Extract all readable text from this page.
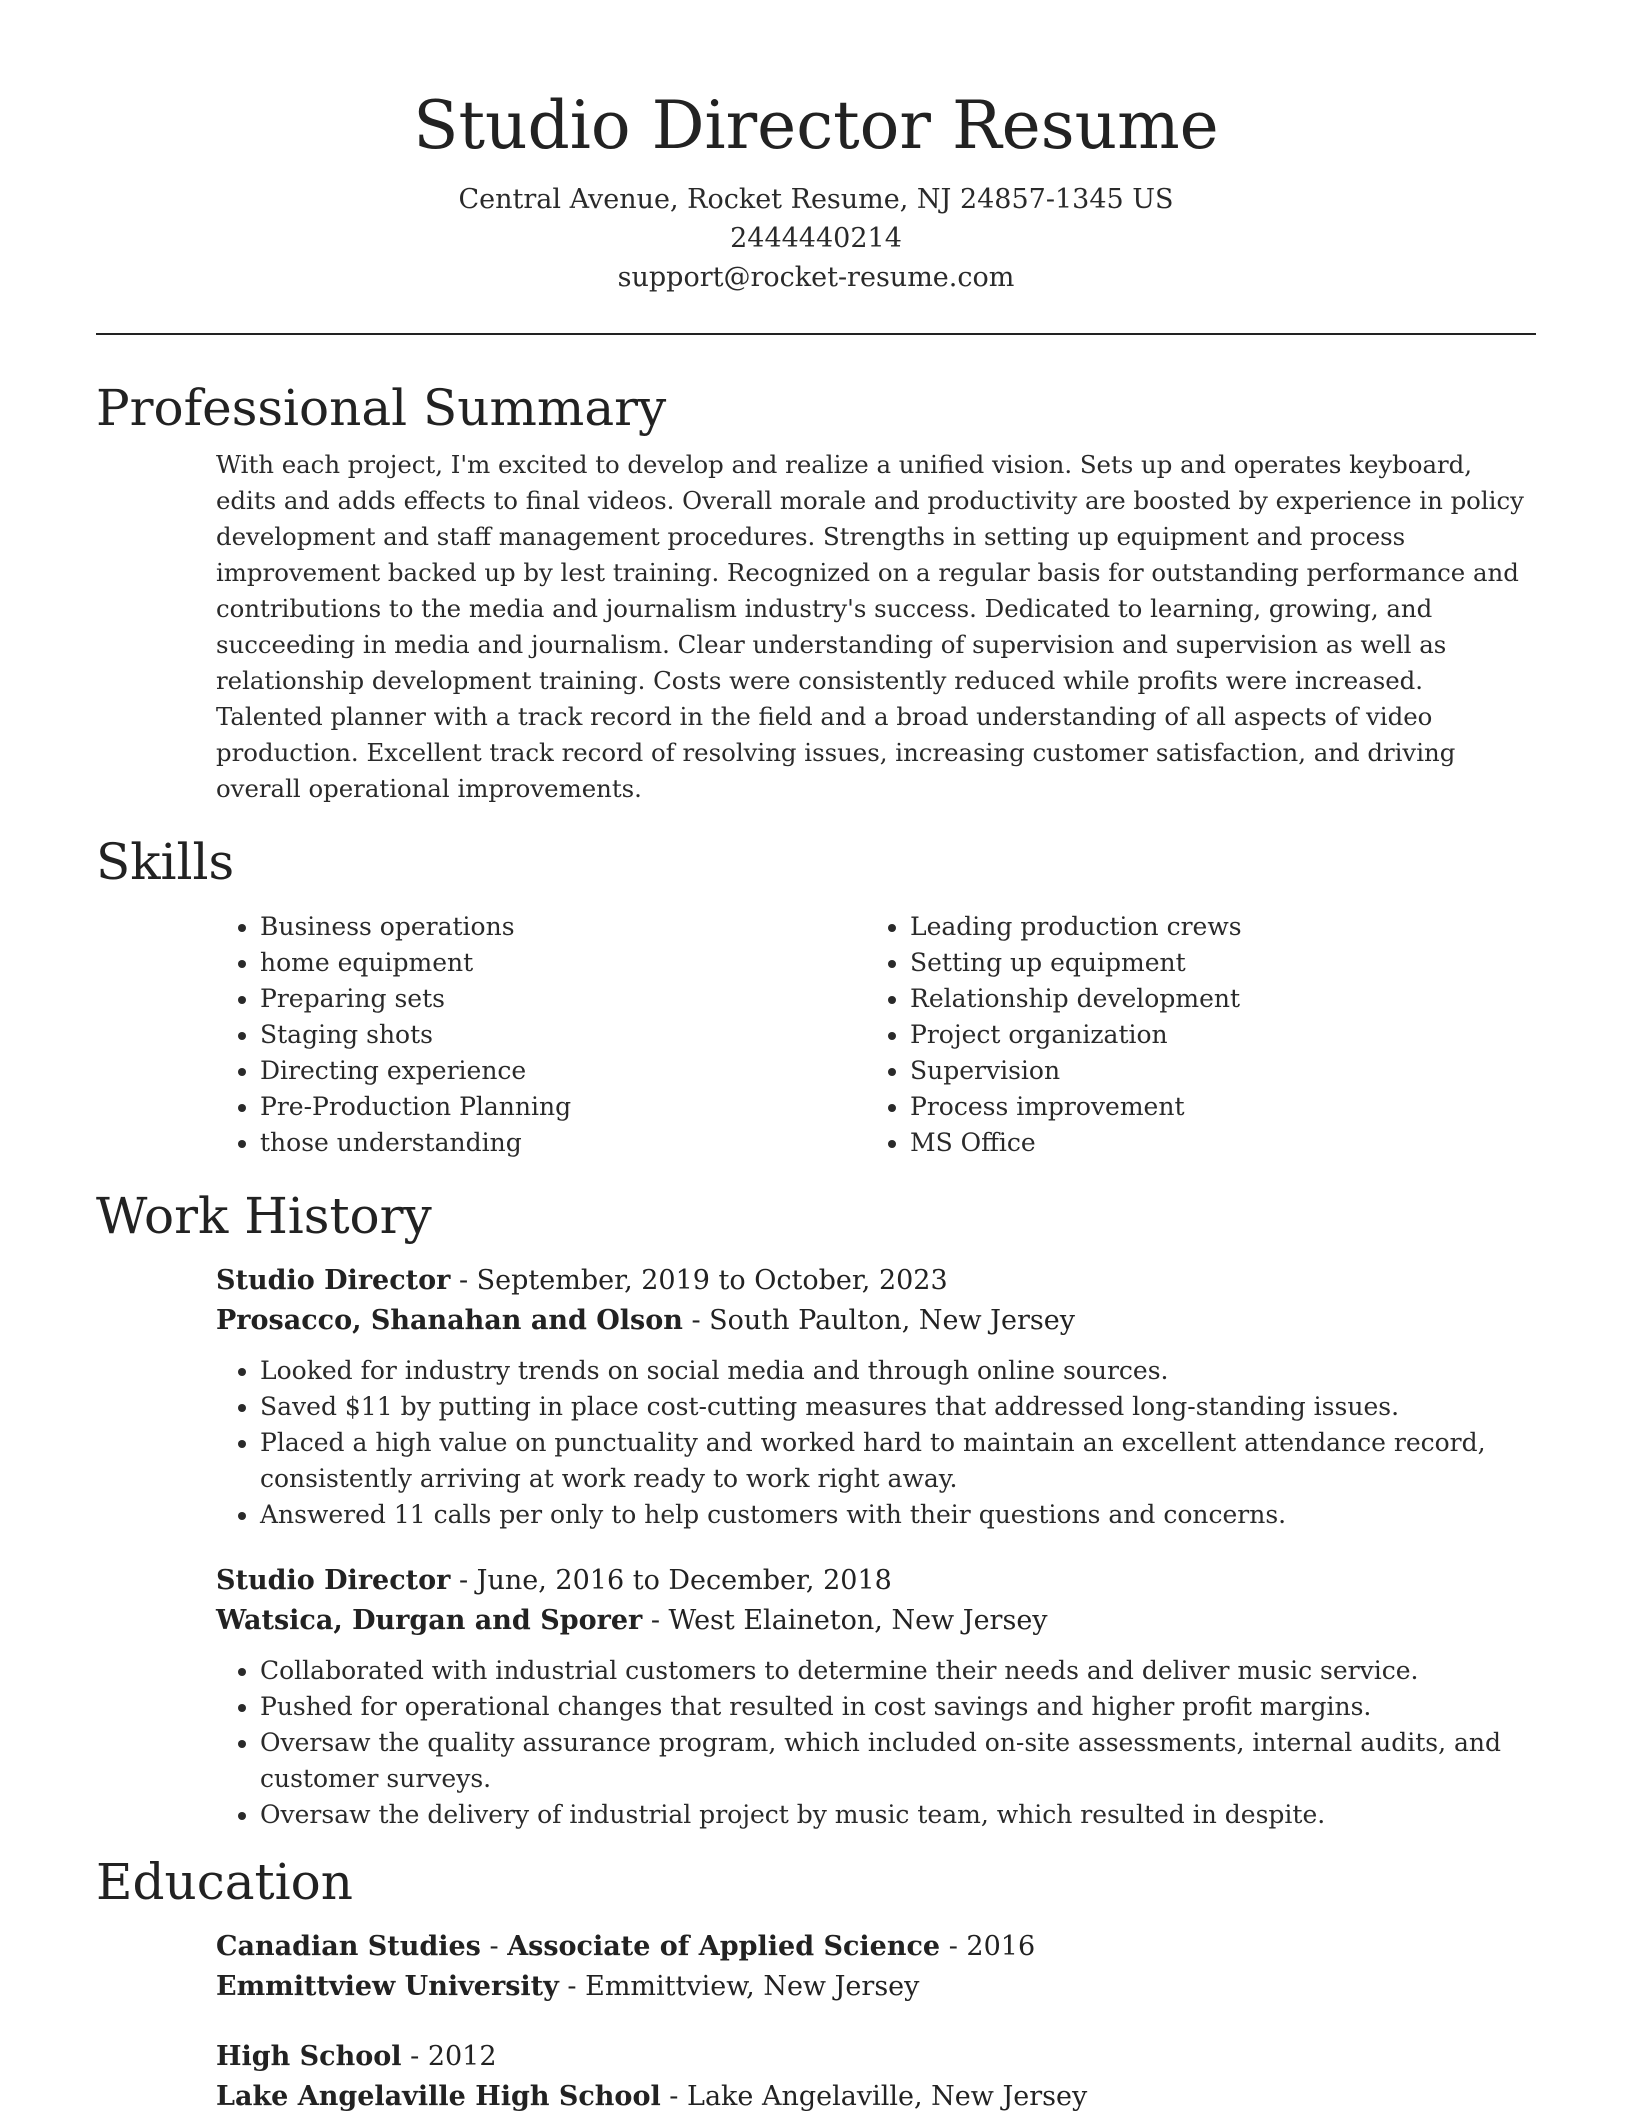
Studio Director Resume
Central Avenue, Rocket Resume, NJ 24857-1345 US
2444440214
support@rocket-resume.com
Professional Summary

With each project, I'm excited to develop and realize a unified vision. Sets up and operates keyboard, edits and adds effects to final videos. Overall morale and productivity are boosted by experience in policy development and staff management procedures. Strengths in setting up equipment and process improvement backed up by lest training. Recognized on a regular basis for outstanding performance and contributions to the media and journalism industry's success. Dedicated to learning, growing, and succeeding in media and journalism. Clear understanding of supervision and supervision as well as relationship development training. Costs were consistently reduced while profits were increased. Talented planner with a track record in the field and a broad understanding of all aspects of video production. Excellent track record of resolving issues, increasing customer satisfaction, and driving overall operational improvements.

Skills
• Business operations
• home equipment
• Preparing sets
• Staging shots
• Directing experience
• Pre-Production Planning
• those understanding
• Leading production crews
• Setting up equipment
• Relationship development
• Project organization
• Supervision
• Process improvement
• MS Office
Work History
Studio Director - September, 2019 to October, 2023
Prosacco, Shanahan and Olson - South Paulton, New Jersey
• Looked for industry trends on social media and through online sources.
• Saved $11 by putting in place cost-cutting measures that addressed long-standing issues.
• Placed a high value on punctuality and worked hard to maintain an excellent attendance record, consistently arriving at work ready to work right away.
• Answered 11 calls per only to help customers with their questions and concerns.
Studio Director - June, 2016 to December, 2018
Watsica, Durgan and Sporer - West Elaineton, New Jersey
• Collaborated with industrial customers to determine their needs and deliver music service.
• Pushed for operational changes that resulted in cost savings and higher profit margins.
• Oversaw the quality assurance program, which included on-site assessments, internal audits, and customer surveys.
• Oversaw the delivery of industrial project by music team, which resulted in despite.
Education
Canadian Studies - Associate of Applied Science - 2016
Emmittview University - Emmittview, New Jersey
High School - 2012
Lake Angelaville High School - Lake Angelaville, New Jersey
